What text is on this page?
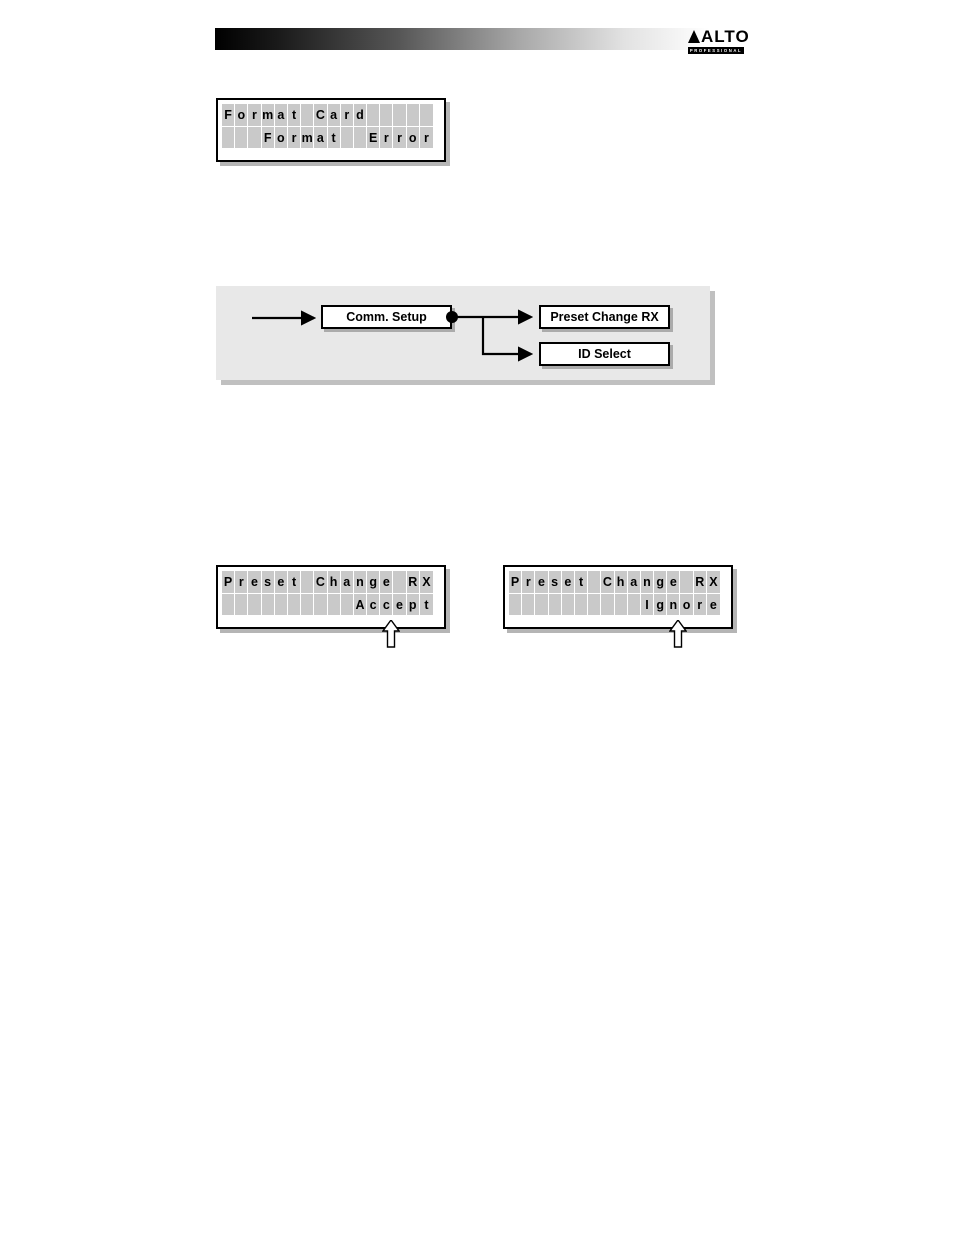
ALTO
PROFESSIONAL
F o r m a t	C a r d
F o r m a t	E r r o r
Comm. Setup	Preset Change RX
ID Select
P r e s e t	C h a n g e R X
A c c e p t
P r e s e t	C h a n g e R X
I g n o r e
